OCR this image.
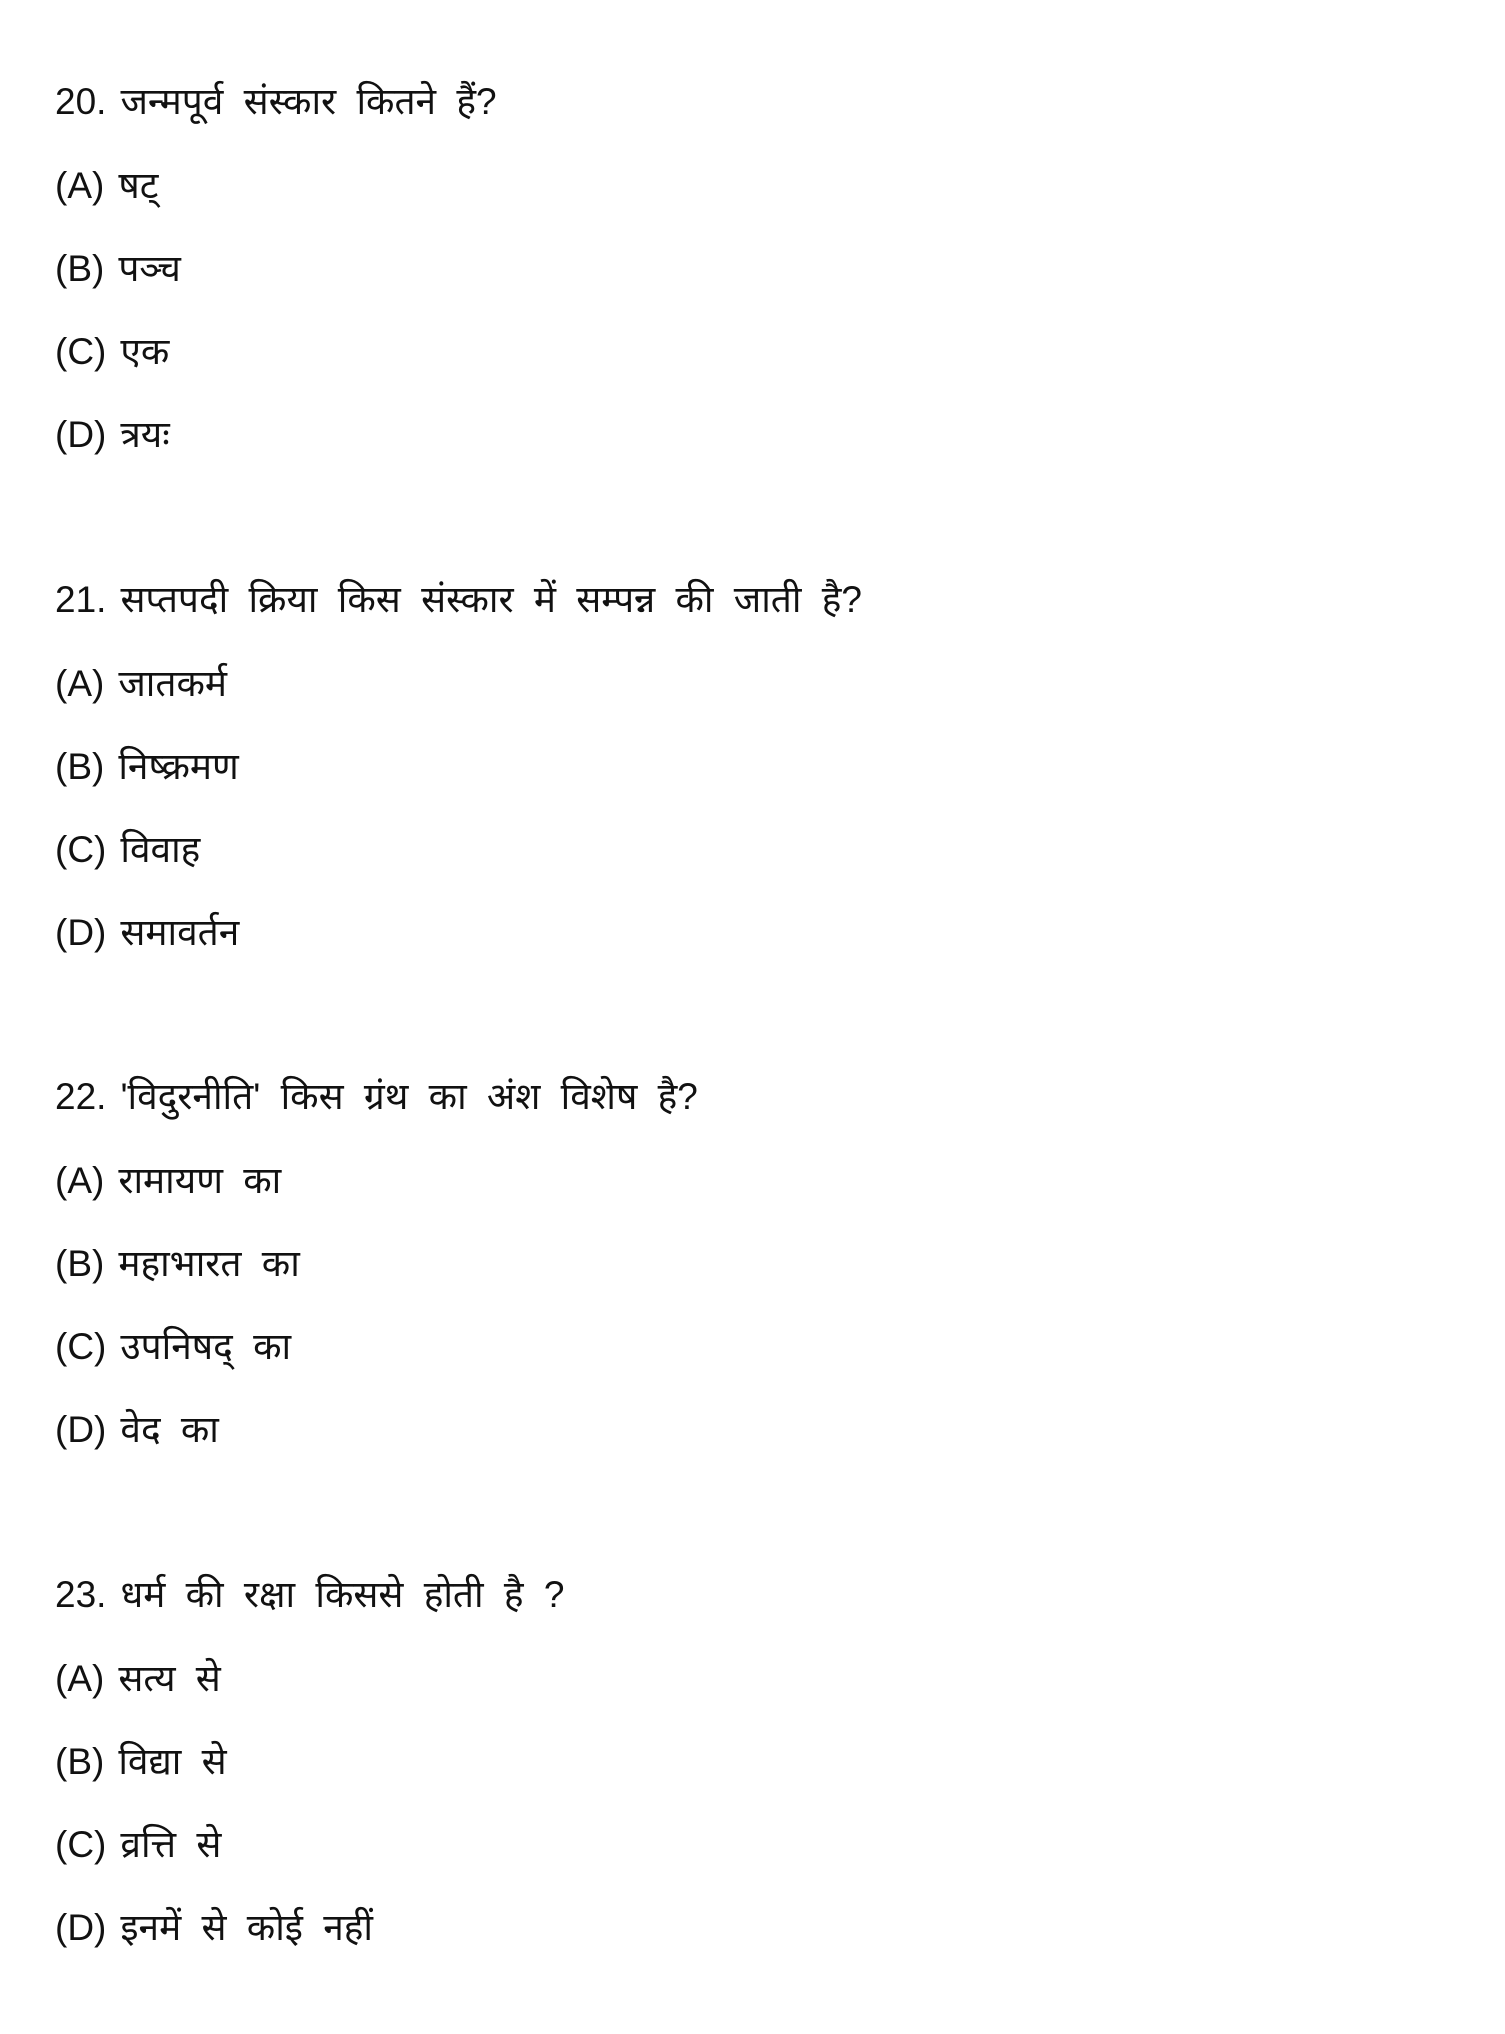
20. जन्मपूर्व संस्कार कितने हैं?
(A) षट्
(B) पञ्च
(C) एक
(D) त्रयः
21. सप्तपदी क्रिया किस संस्कार में सम्पन्न की जाती है?
(A) जातकर्म
(B) निष्क्रमण
(C) विवाह
(D) समावर्तन
22. 'विदुरनीति' किस ग्रंथ का अंश विशेष है?
(A) रामायण का
(B) महाभारत का
(C) उपनिषद् का
(D) वेद का
23. धर्म की रक्षा किससे होती है ?
(A) सत्य से
(B) विद्या से
(C) व्रत्ति से
(D) इनमें से कोई नहीं
